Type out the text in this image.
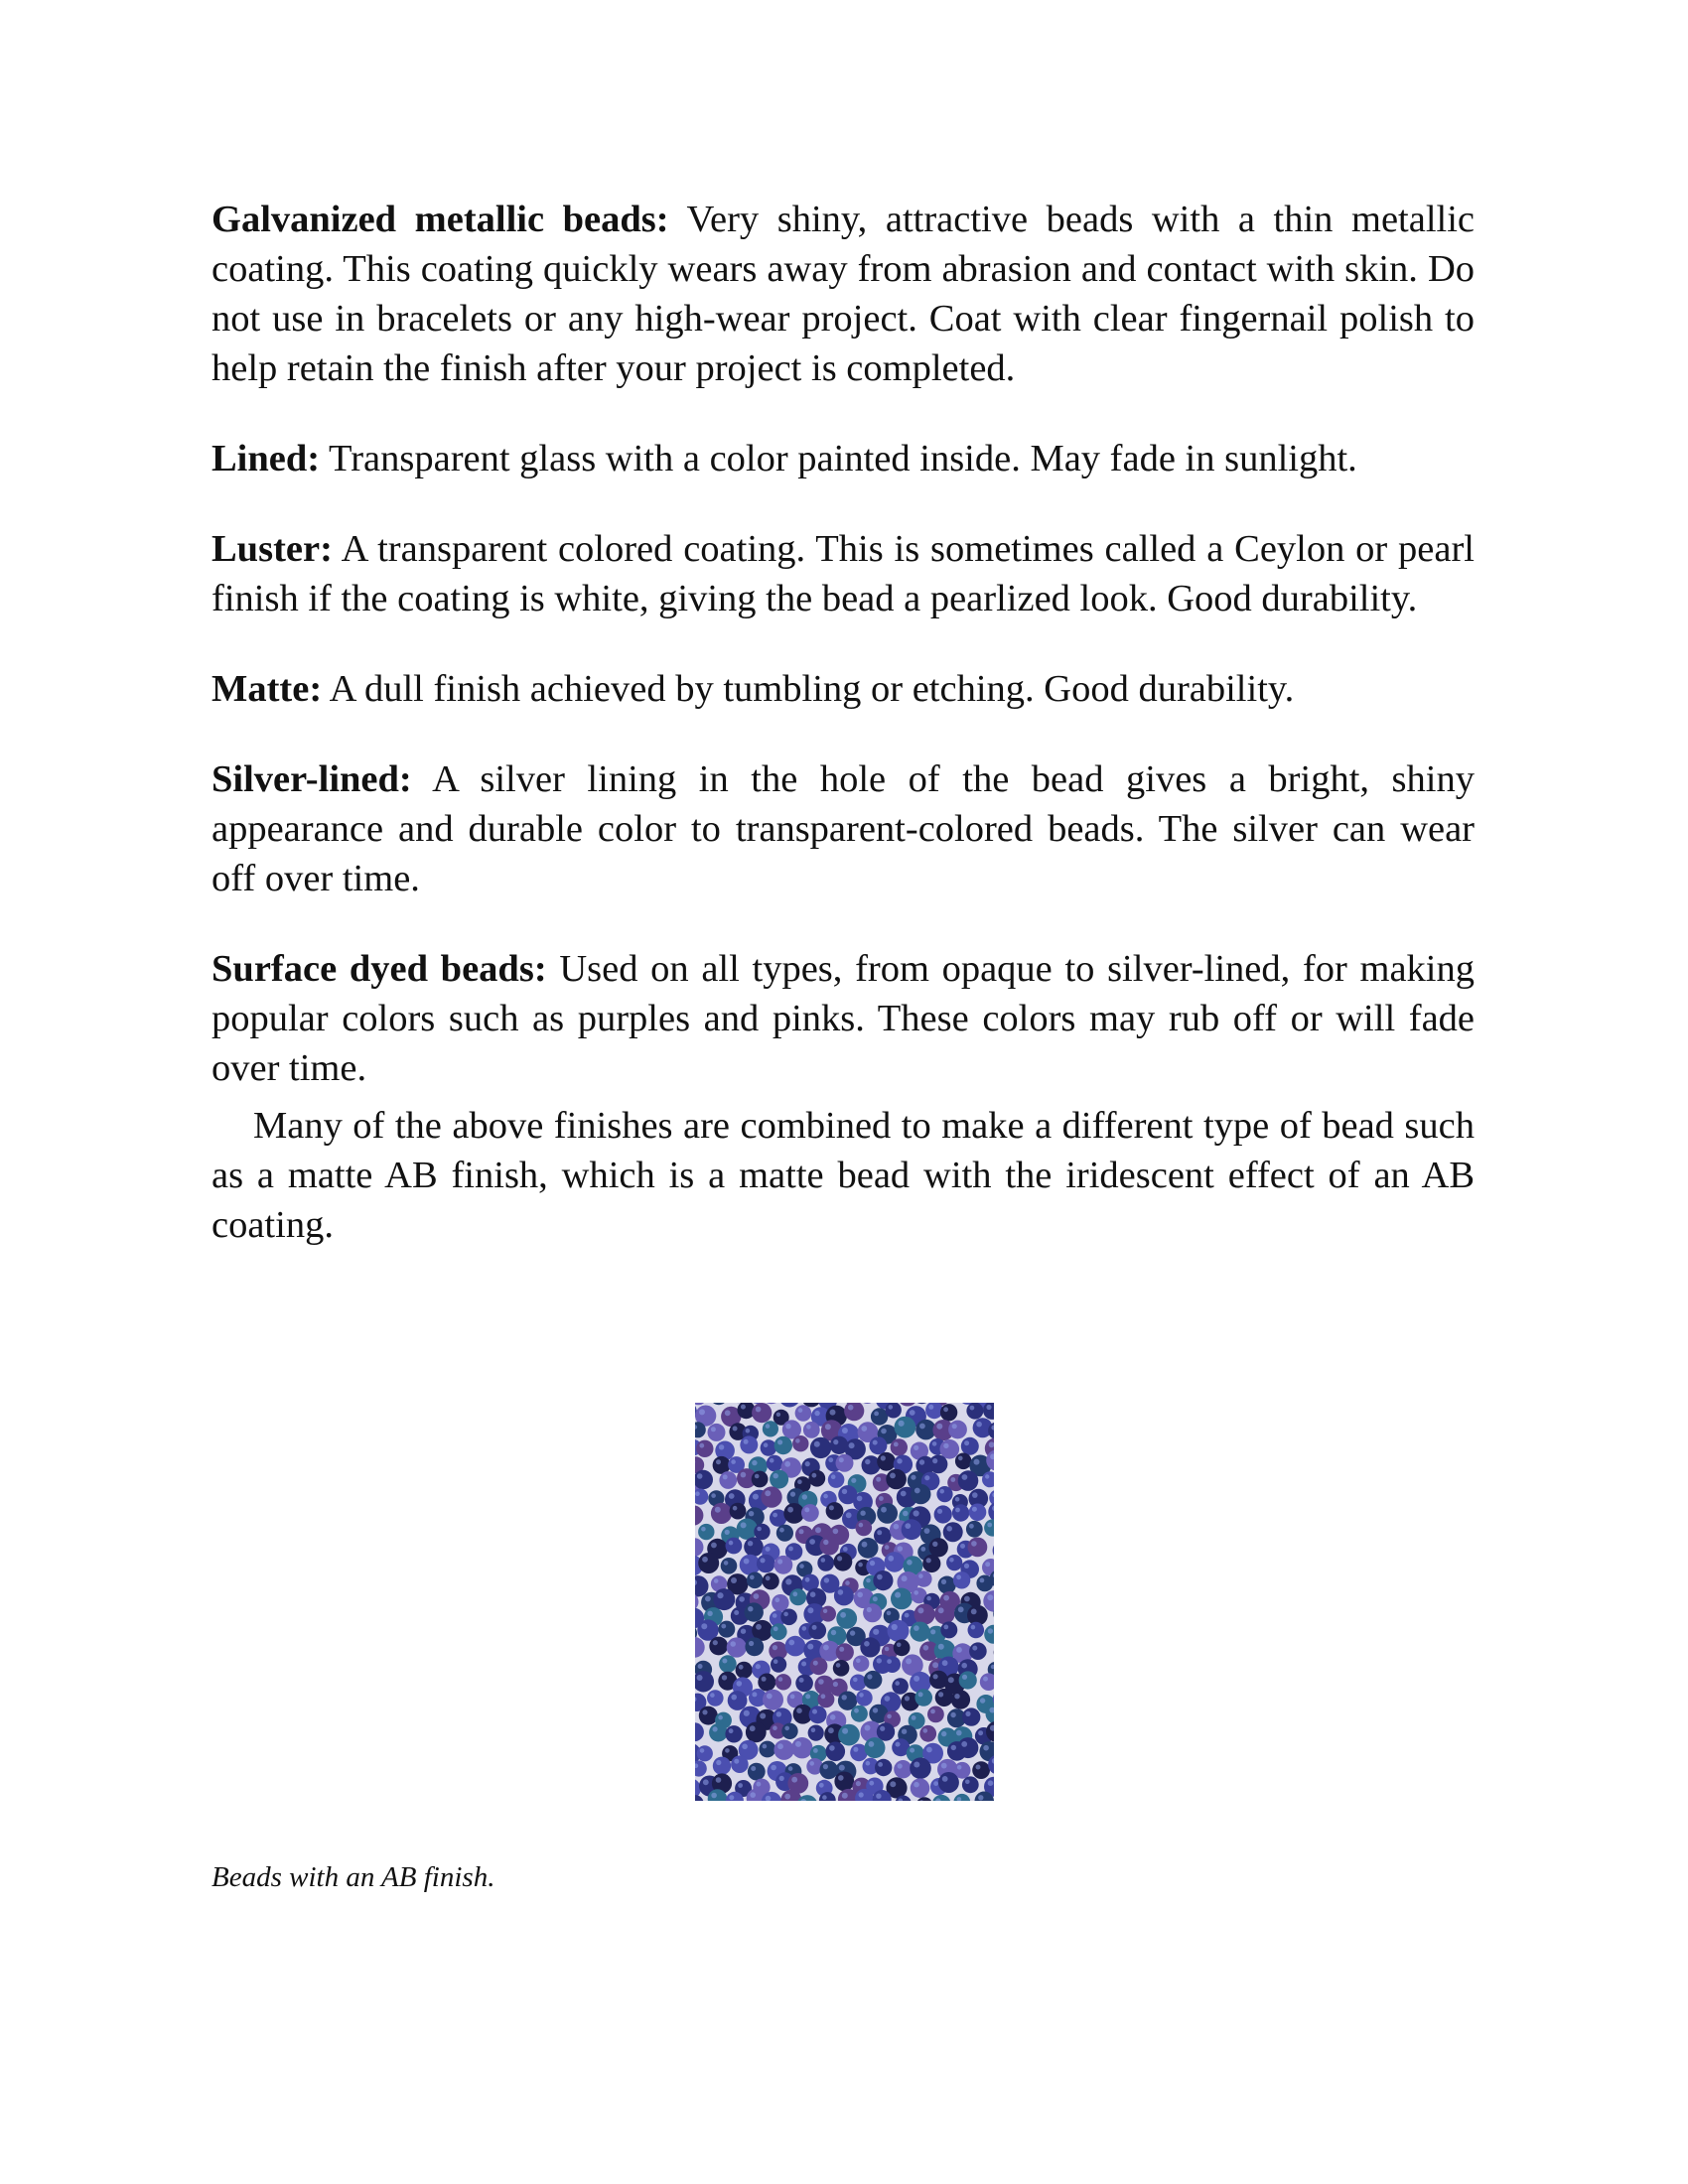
Galvanized metallic beads: Very shiny, attractive beads with a thin metallic coating. This coating quickly wears away from abrasion and contact with skin. Do not use in bracelets or any high-wear project. Coat with clear fingernail polish to help retain the finish after your project is completed.

Lined: Transparent glass with a color painted inside. May fade in sunlight.

Luster: A transparent colored coating. This is sometimes called a Ceylon or pearl finish if the coating is white, giving the bead a pearlized look. Good durability.

Matte: A dull finish achieved by tumbling or etching. Good durability.

Silver-lined: A silver lining in the hole of the bead gives a bright, shiny appearance and durable color to transparent-colored beads. The silver can wear off over time.

Surface dyed beads: Used on all types, from opaque to silver-lined, for making popular colors such as purples and pinks. These colors may rub off or will fade over time.

Many of the above finishes are combined to make a different type of bead such as a matte AB finish, which is a matte bead with the iridescent effect of an AB coating.

Beads with an AB finish.
